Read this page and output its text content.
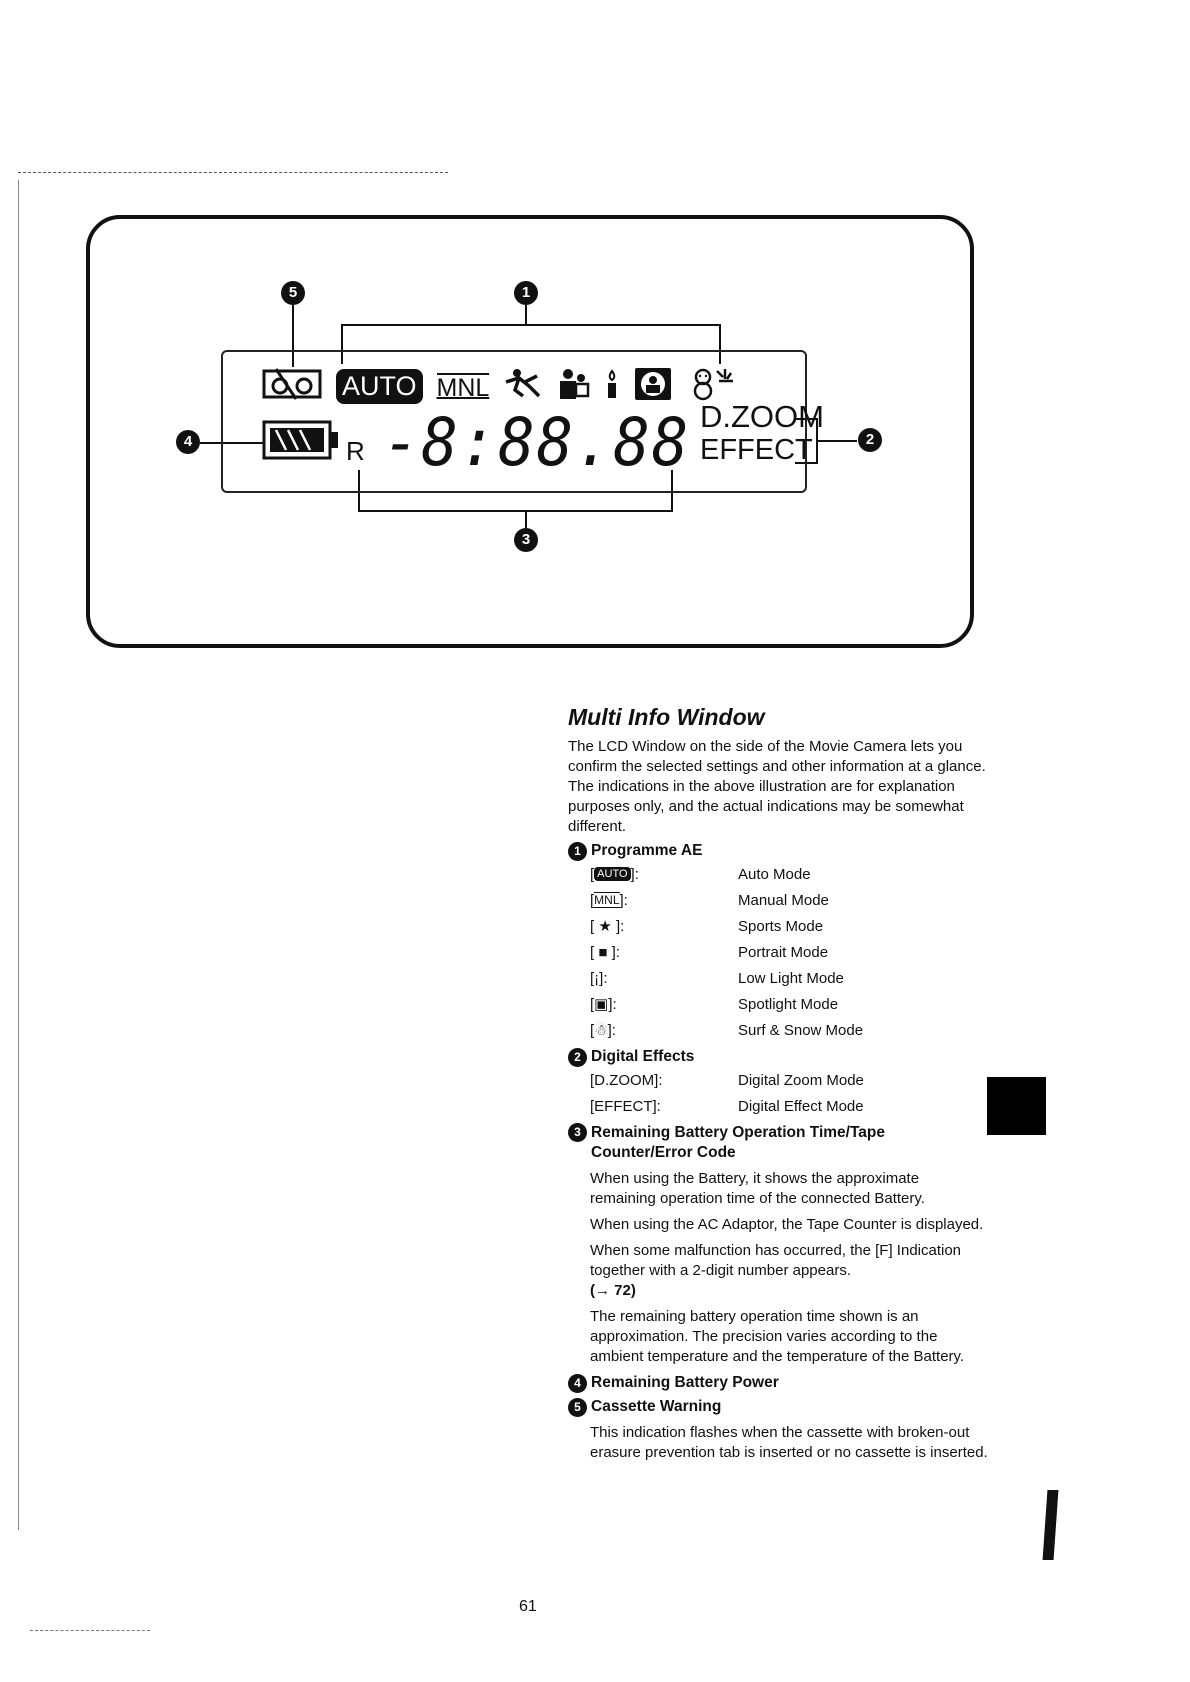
5	1
4	2
3
AUTO MNL
R -8:88.88 D.ZOOM
EFFECT
Multi Info Window

The LCD Window on the side of the Movie Camera lets you confirm the selected settings and other information at a glance.

The indications in the above illustration are for explanation purposes only, and the actual indications may be somewhat different.

1 Programme AE
[ AUTO ]:	Auto Mode
[ MNL ]:	Manual Mode
[ ★ ]:	Sports Mode
[ ■ ]:	Portrait Mode
[¡]:	Low Light Mode
[▣]:	Spotlight Mode
[☃]:	Surf & Snow Mode
2 Digital Effects
[D.ZOOM]:	Digital Zoom Mode
[EFFECT]:	Digital Effect Mode
3 Remaining Battery Operation Time/Tape Counter/Error Code

When using the Battery, it shows the approximate remaining operation time of the connected Battery.

When using the AC Adaptor, the Tape Counter is displayed.

When some malfunction has occurred, the [F] Indication together with a 2-digit number appears.

(→ 72)

The remaining battery operation time shown is an approximation. The precision varies according to the ambient temperature and the temperature of the Battery.

4 Remaining Battery Power
5 Cassette Warning

This indication flashes when the cassette with broken-out erasure prevention tab is inserted or no cassette is inserted.

61
